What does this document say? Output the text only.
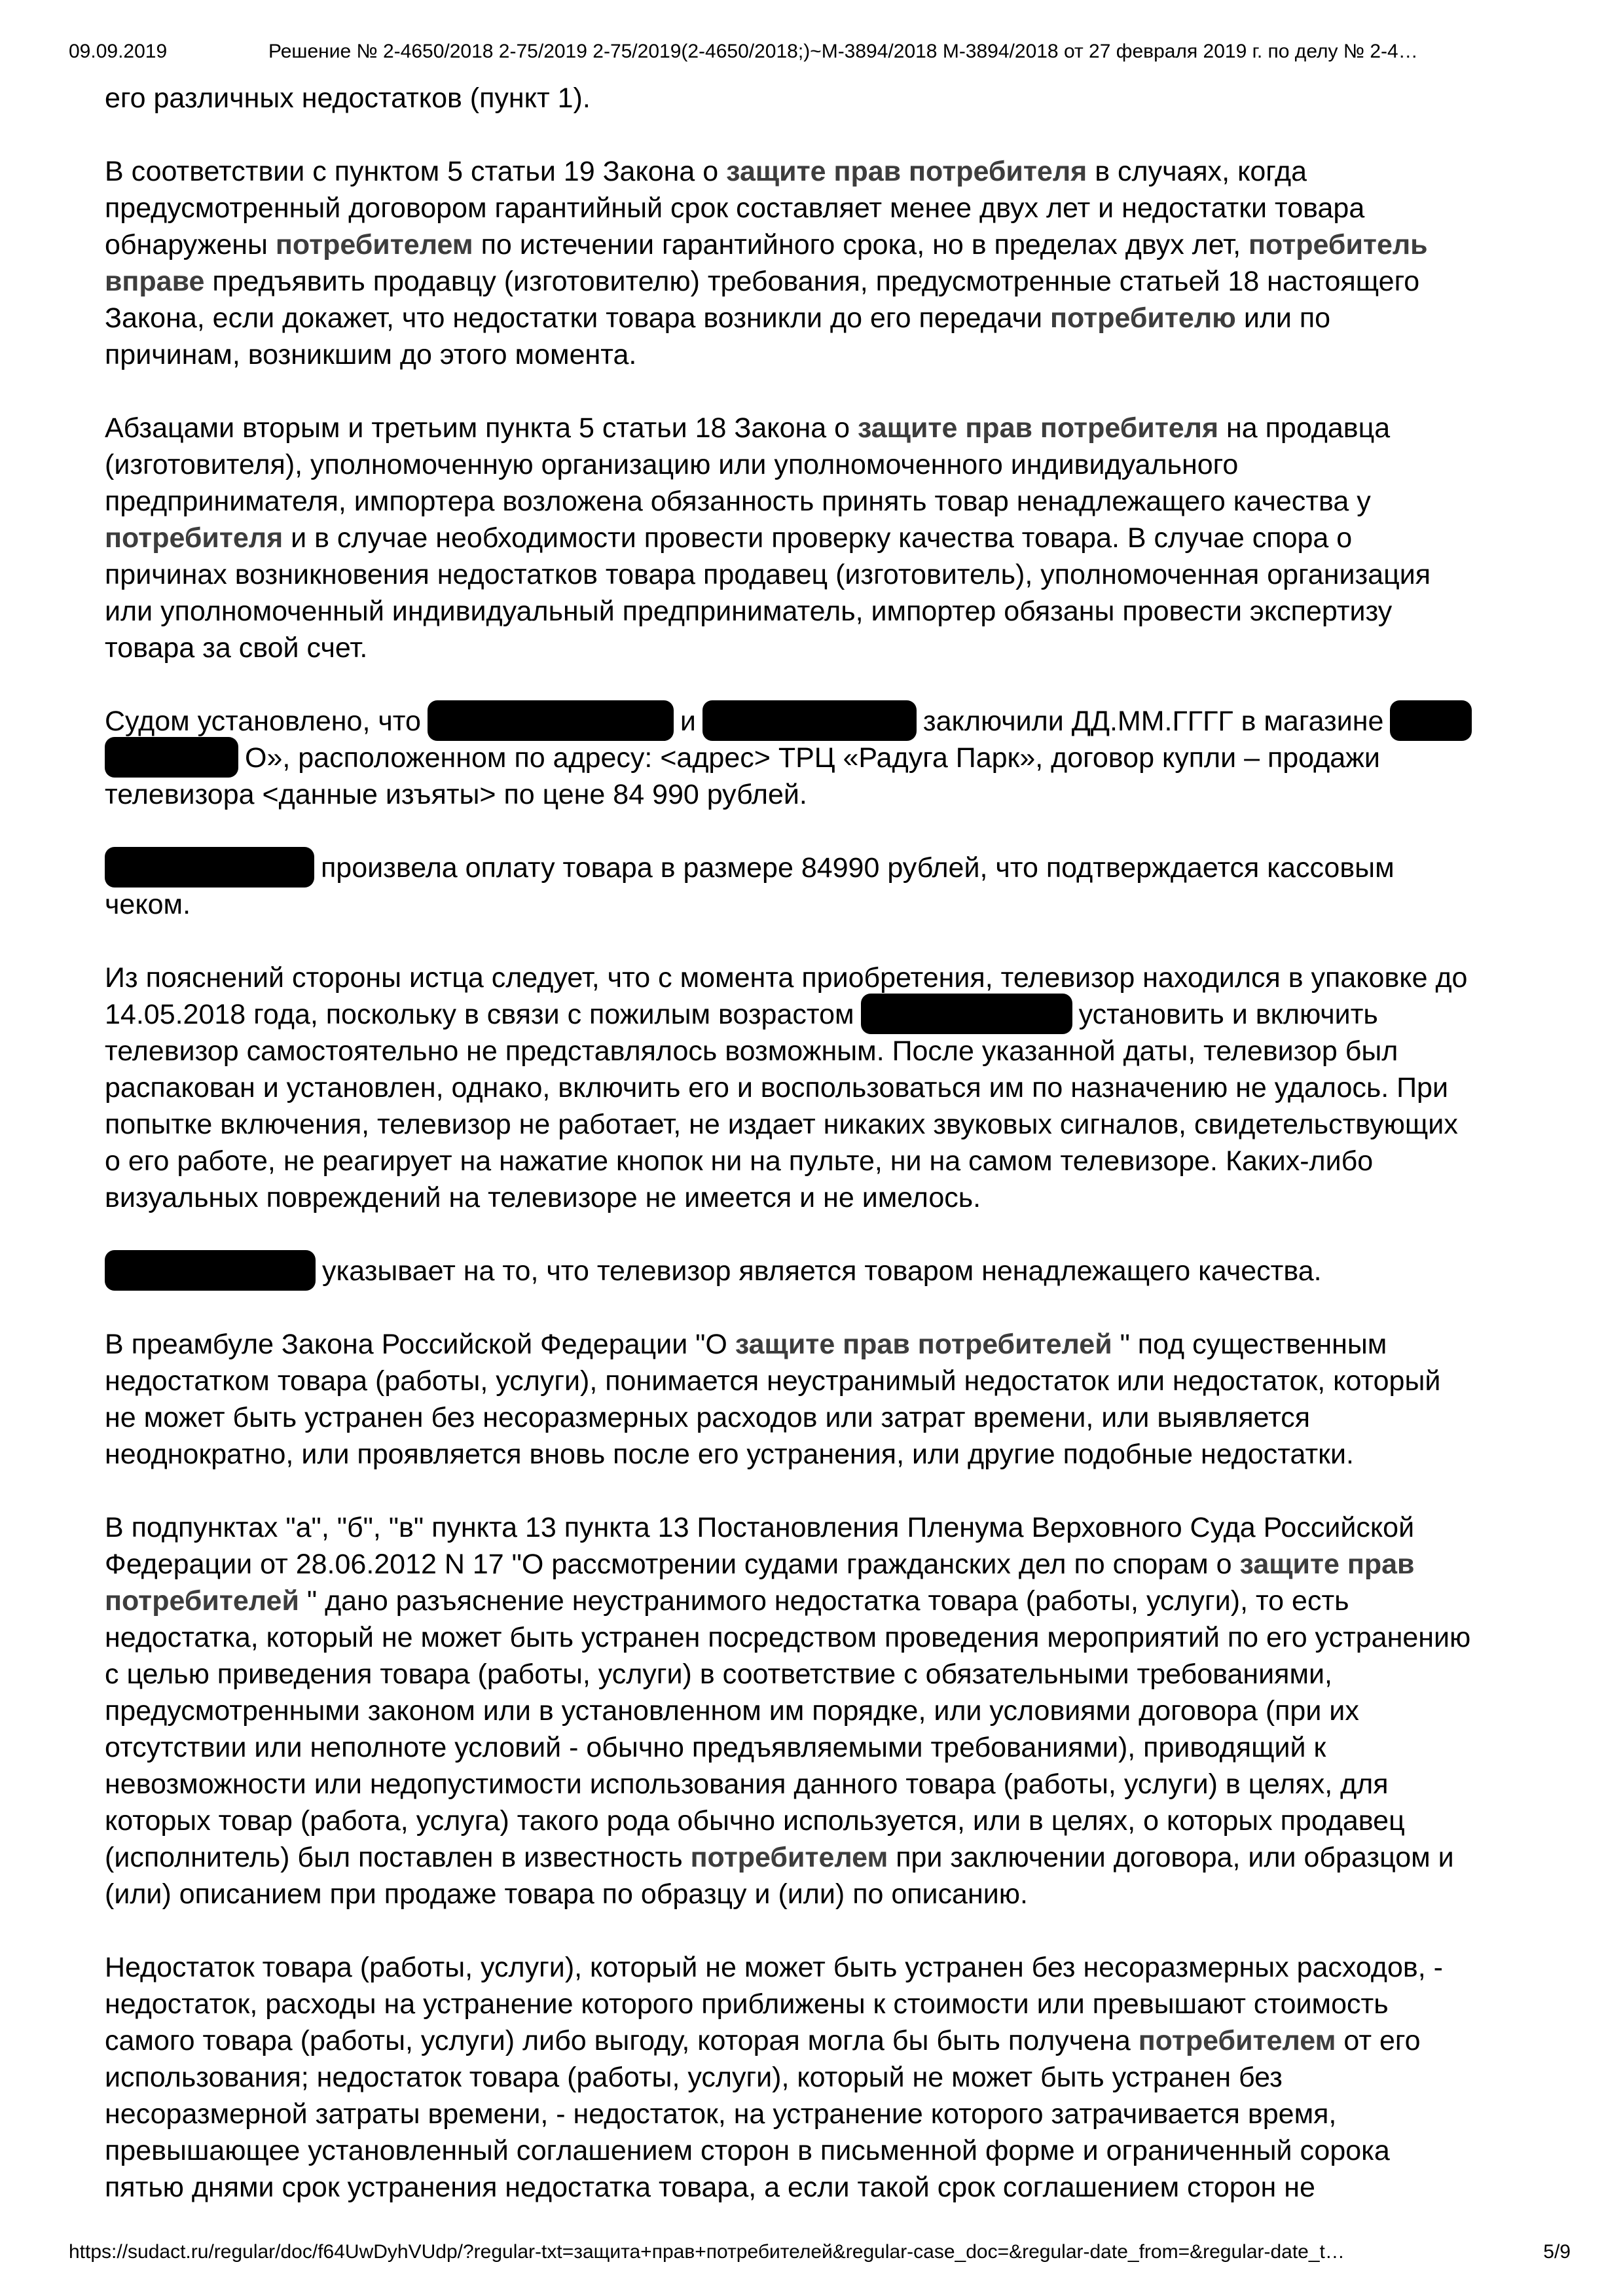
09.09.2019	Решение № 2-4650/2018 2-75/2019 2-75/2019(2-4650/2018;)~М-3894/2018 М-3894/2018 от 27 февраля 2019 г. по делу № 2-4…
его различных недостатков (пункт 1).
В соответствии с пунктом 5 статьи 19 Закона о защите прав потребителя в случаях, когда
предусмотренный договором гарантийный срок составляет менее двух лет и недостатки товара
обнаружены потребителем по истечении гарантийного срока, но в пределах двух лет, потребитель
вправе предъявить продавцу (изготовителю) требования, предусмотренные статьей 18 настоящего
Закона, если докажет, что недостатки товара возникли до его передачи потребителю или по
причинам, возникшим до этого момента.
Абзацами вторым и третьим пункта 5 статьи 18 Закона о защите прав потребителя на продавца
(изготовителя), уполномоченную организацию или уполномоченного индивидуального
предпринимателя, импортера возложена обязанность принять товар ненадлежащего качества у
потребителя и в случае необходимости провести проверку качества товара. В случае спора о
причинах возникновения недостатков товара продавец (изготовитель), уполномоченная организация
или уполномоченный индивидуальный предприниматель, импортер обязаны провести экспертизу
товара за свой счет.
Судом установлено, что	и	заключили ДД.ММ.ГГГГ в магазине
О», расположенном по адресу: <адрес> ТРЦ «Радуга Парк», договор купли – продажи
телевизора <данные изъяты> по цене 84 990 рублей.
произвела оплату товара в размере 84990 рублей, что подтверждается кассовым
чеком.
Из пояснений стороны истца следует, что с момента приобретения, телевизор находился в упаковке до
14.05.2018 года, поскольку в связи с пожилым возрастом	установить и включить
телевизор самостоятельно не представлялось возможным. После указанной даты, телевизор был
распакован и установлен, однако, включить его и воспользоваться им по назначению не удалось. При
попытке включения, телевизор не работает, не издает никаких звуковых сигналов, свидетельствующих
о его работе, не реагирует на нажатие кнопок ни на пульте, ни на самом телевизоре. Каких-либо
визуальных повреждений на телевизоре не имеется и не имелось.
указывает на то, что телевизор является товаром ненадлежащего качества.
В преамбуле Закона Российской Федерации "О защите прав потребителей " под существенным
недостатком товара (работы, услуги), понимается неустранимый недостаток или недостаток, который
не может быть устранен без несоразмерных расходов или затрат времени, или выявляется
неоднократно, или проявляется вновь после его устранения, или другие подобные недостатки.
В подпунктах "а", "б", "в" пункта 13 пункта 13 Постановления Пленума Верховного Суда Российской
Федерации от 28.06.2012 N 17 "О рассмотрении судами гражданских дел по спорам о защите прав
потребителей " дано разъяснение неустранимого недостатка товара (работы, услуги), то есть
недостатка, который не может быть устранен посредством проведения мероприятий по его устранению
с целью приведения товара (работы, услуги) в соответствие с обязательными требованиями,
предусмотренными законом или в установленном им порядке, или условиями договора (при их
отсутствии или неполноте условий - обычно предъявляемыми требованиями), приводящий к
невозможности или недопустимости использования данного товара (работы, услуги) в целях, для
которых товар (работа, услуга) такого рода обычно используется, или в целях, о которых продавец
(исполнитель) был поставлен в известность потребителем при заключении договора, или образцом и
(или) описанием при продаже товара по образцу и (или) по описанию.
Недостаток товара (работы, услуги), который не может быть устранен без несоразмерных расходов, -
недостаток, расходы на устранение которого приближены к стоимости или превышают стоимость
самого товара (работы, услуги) либо выгоду, которая могла бы быть получена потребителем от его
использования; недостаток товара (работы, услуги), который не может быть устранен без
несоразмерной затраты времени, - недостаток, на устранение которого затрачивается время,
превышающее установленный соглашением сторон в письменной форме и ограниченный сорока
пятью днями срок устранения недостатка товара, а если такой срок соглашением сторон не
https://sudact.ru/regular/doc/f64UwDyhVUdp/?regular-txt=защита+прав+потребителей&regular-case_doc=&regular-date_from=&regular-date_t…	5/9
